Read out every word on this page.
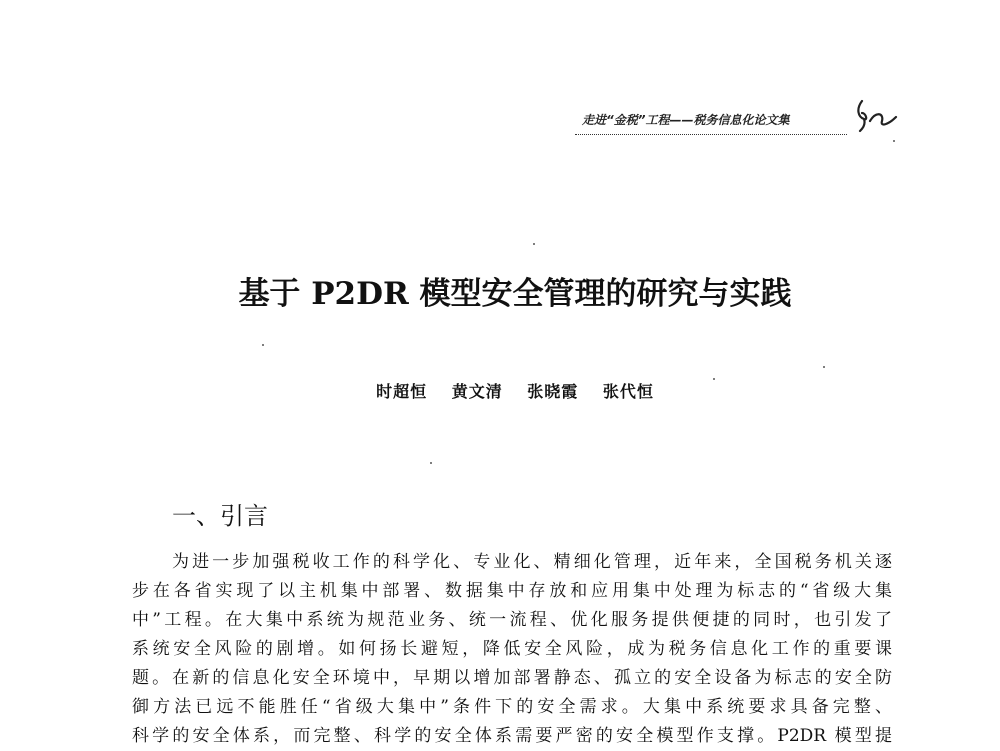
走进“金税”工程——税务信息化论文集
基于 P2DR 模型安全管理的研究与实践
时超恒 黄文清 张晓霞 张代恒
一、引言
为进一步加强税收工作的科学化、专业化、精细化管理，近年来，全国税务机关逐
步在各省实现了以主机集中部署、数据集中存放和应用集中处理为标志的“省级大集
中”工程。在大集中系统为规范业务、统一流程、优化服务提供便捷的同时，也引发了
系统安全风险的剧增。如何扬长避短，降低安全风险，成为税务信息化工作的重要课
题。在新的信息化安全环境中，早期以增加部署静态、孤立的安全设备为标志的安全防
御方法已远不能胜任“省级大集中”条件下的安全需求。大集中系统要求具备完整、
科学的安全体系，而完整、科学的安全体系需要严密的安全模型作支撑。P2DR 模型提
